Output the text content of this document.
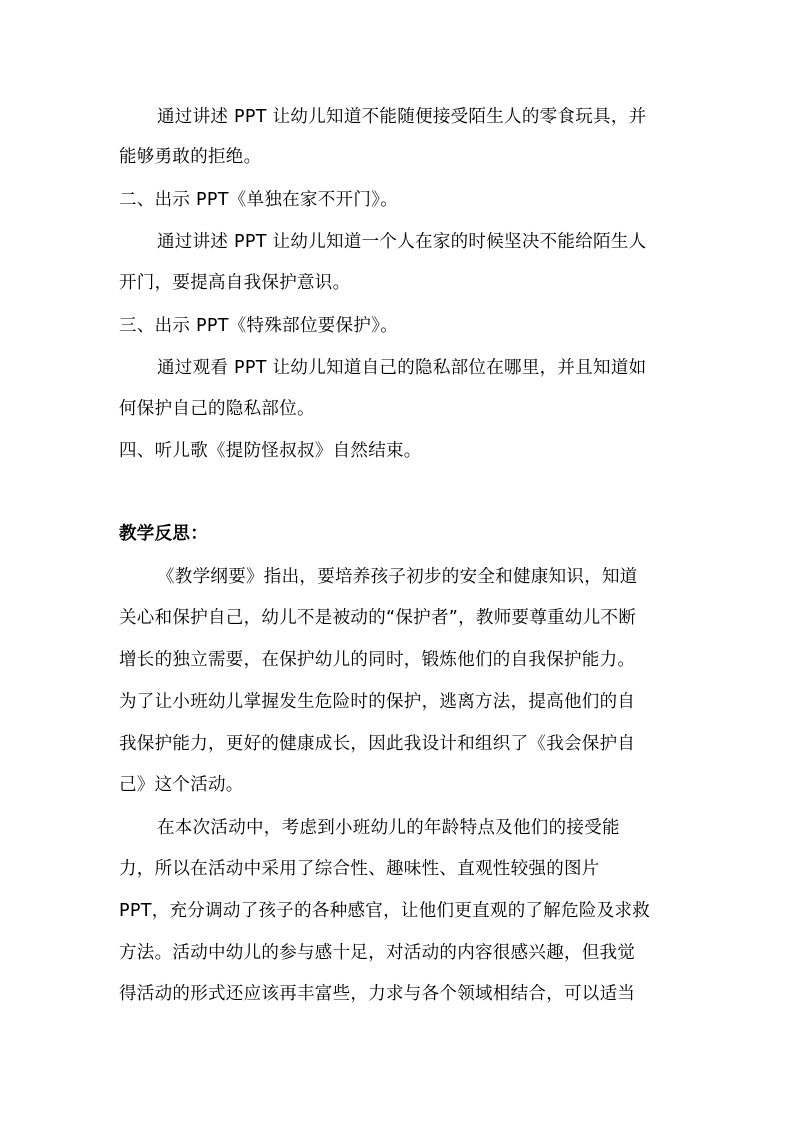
通过讲述 PPT 让幼儿知道不能随便接受陌生人的零食玩具，并
能够勇敢的拒绝。
二、出示 PPT《单独在家不开门》。
通过讲述 PPT 让幼儿知道一个人在家的时候坚决不能给陌生人
开门，要提高自我保护意识。
三、出示 PPT《特殊部位要保护》。
通过观看 PPT 让幼儿知道自己的隐私部位在哪里，并且知道如
何保护自己的隐私部位。
四、听儿歌《提防怪叔叔》自然结束。
教学反思：
《教学纲要》指出，要培养孩子初步的安全和健康知识，知道
关心和保护自己，幼儿不是被动的“保护者”，教师要尊重幼儿不断
增长的独立需要，在保护幼儿的同时，锻炼他们的自我保护能力。
为了让小班幼儿掌握发生危险时的保护，逃离方法，提高他们的自
我保护能力，更好的健康成长，因此我设计和组织了《我会保护自
己》这个活动。
在本次活动中，考虑到小班幼儿的年龄特点及他们的接受能
力，所以在活动中采用了综合性、趣味性、直观性较强的图片
PPT，充分调动了孩子的各种感官，让他们更直观的了解危险及求救
方法。活动中幼儿的参与感十足，对活动的内容很感兴趣，但我觉
得活动的形式还应该再丰富些，力求与各个领域相结合，可以适当
